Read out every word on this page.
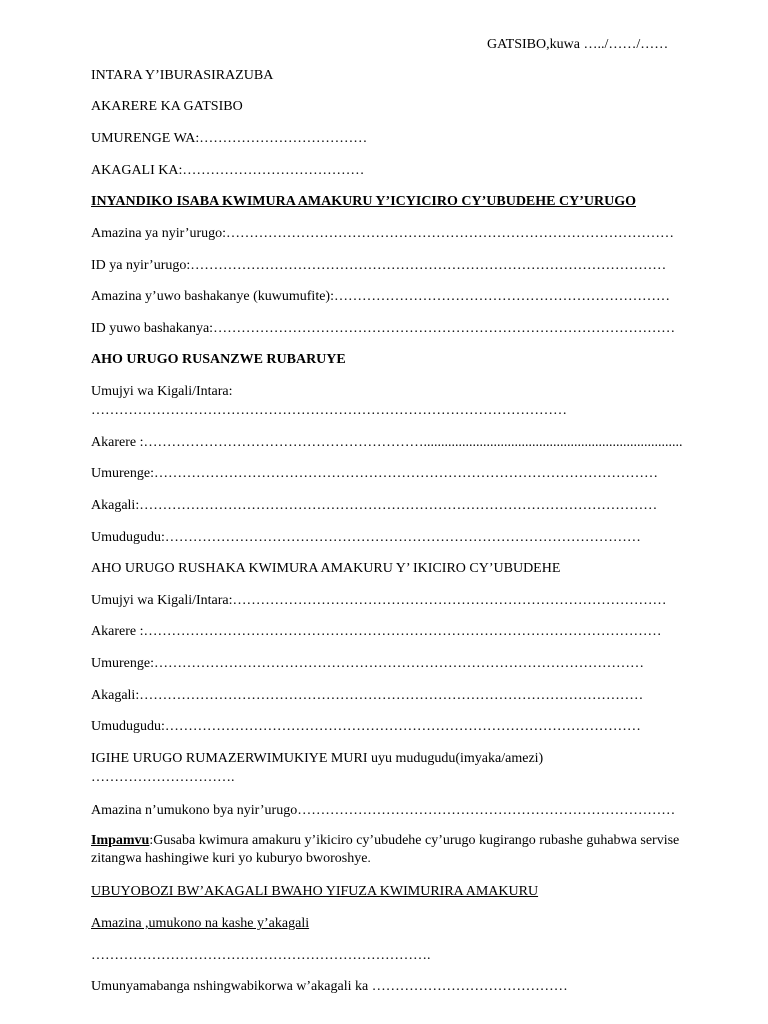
GATSIBO,kuwa …../……/……
INTARA Y’IBURASIRAZUBA
AKARERE KA GATSIBO
UMURENGE WA:………………………………
AKAGALI KA:…………………………………
INYANDIKO ISABA KWIMURA AMAKURU Y’ICYICIRO CY’UBUDEHE CY’URUGO
Amazina ya nyir’urugo:……………………………………………………………………………………
ID ya nyir’urugo:…………………………………………………………………………………………
Amazina y’uwo bashakanye (kuwumufite):………………………………………………………………
ID yuwo bashakanya:………………………………………………………………………………………
AHO URUGO RUSANZWE RUBARUYE
Umujyi wa Kigali/Intara:
…………………………………………………………………………………………
Akarere :……………………………………………………..........................................................................
Umurenge:………………………………………………………………………………………………
Akagali:…………………………………………………………………………………………………
Umudugudu:…………………………………………………………………………………………
AHO URUGO RUSHAKA KWIMURA AMAKURU Y’ IKICIRO CY’UBUDEHE
Umujyi wa Kigali/Intara:…………………………………………………………………………………
Akarere :…………………………………………………………………………………………………
Umurenge:……………………………………………………………………………………………
Akagali:………………………………………………………………………………………………
Umudugudu:…………………………………………………………………………………………
IGIHE URUGO RUMAZERWIMUKIYE MURI uyu mudugudu(imyaka/amezi)
………………………….
Amazina n’umukono bya nyir’urugo………………………………………………………………………
Impamvu:Gusaba kwimura amakuru y’ikiciro cy’ubudehe cy’urugo kugirango rubashe guhabwa servise
zitangwa hashingiwe kuri yo kuburyo bworoshye.
UBUYOBOZI BW’AKAGALI BWAHO YIFUZA KWIMURIRA AMAKURU
Amazina ,umukono na kashe y’akagali
……………………………………………………………….
Umunyamabanga nshingwabikorwa w’akagali ka ……………………………………
